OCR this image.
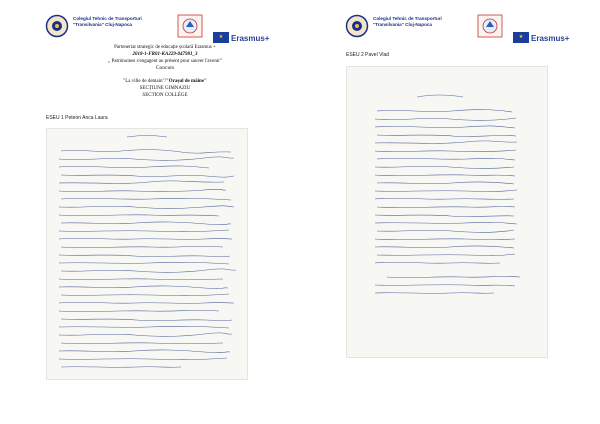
Colegiul Tehnic de Transporturi
"Transilvania" Cluj-Napoca
★ Erasmus+
Parteneriat strategic de educație școlară Erasmus +
2018-1-FR01-KA229-047981_3
„ Patrimoines s'engagent au présent pour sauver l'avenir"
Concurs
"La ville de demain"/"Orașul de mâine"
SECȚIUNE GIMNAZIU
SECTION COLLÈGE
ESEU 1 Peteon Anca Laura
Colegiul Tehnic de Transporturi
"Transilvania" Cluj-Napoca
★ Erasmus+
ESEU 2 Pavel Vlad
